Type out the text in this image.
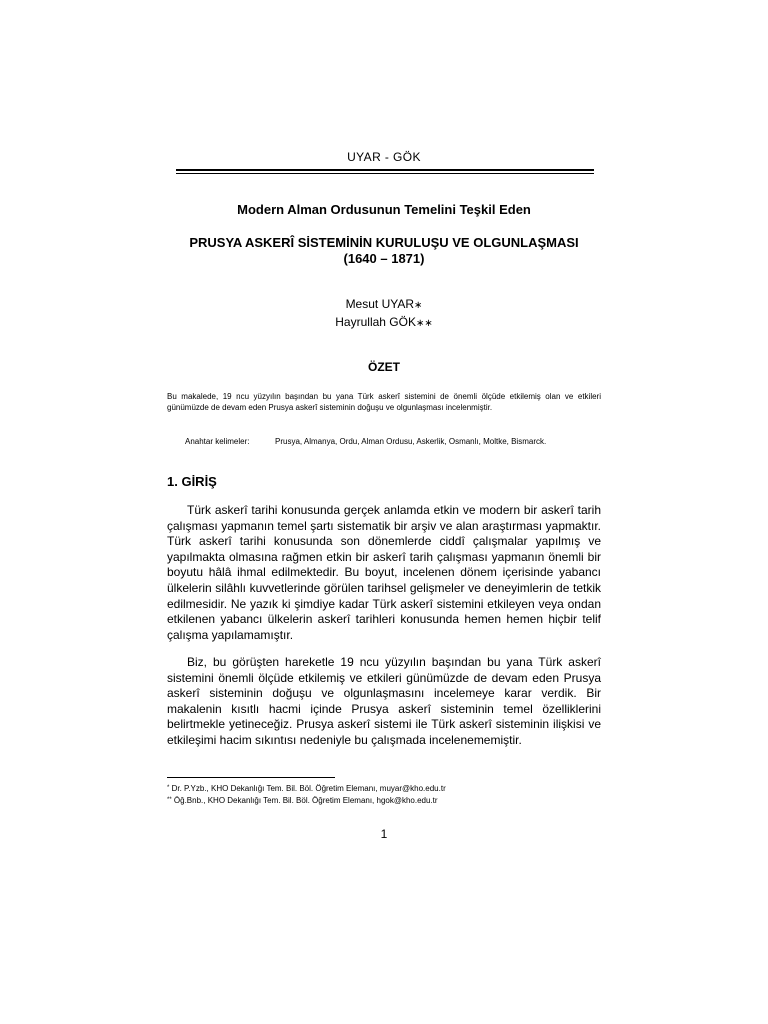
UYAR - GÖK
Modern Alman Ordusunun Temelini Teşkil Eden
PRUSYA ASKERÎ SİSTEMİNİN KURULUŞU VE OLGUNLAŞMASI
(1640 – 1871)
Mesut UYAR∗
Hayrullah GÖK∗∗
ÖZET
Bu makalede, 19 ncu yüzyılın başından bu yana Türk askerî sistemini de önemli ölçüde etkilemiş olan ve etkileri günümüzde de devam eden Prusya askerî sisteminin doğuşu ve olgunlaşması incelenmiştir.
Anahtar kelimeler:	Prusya, Almanya, Ordu, Alman Ordusu, Askerlik, Osmanlı, Moltke, Bismarck.
1. GİRİŞ
Türk askerî tarihi konusunda gerçek anlamda etkin ve modern bir askerî tarih çalışması yapmanın temel şartı sistematik bir arşiv ve alan araştırması yapmaktır. Türk askerî tarihi konusunda son dönemlerde ciddî çalışmalar yapılmış ve yapılmakta olmasına rağmen etkin bir askerî tarih çalışması yapmanın önemli bir boyutu hâlâ ihmal edilmektedir. Bu boyut, incelenen dönem içerisinde yabancı ülkelerin silâhlı kuvvetlerinde görülen tarihsel gelişmeler ve deneyimlerin de tetkik edilmesidir. Ne yazık ki şimdiye kadar Türk askerî sistemini etkileyen veya ondan etkilenen yabancı ülkelerin askerî tarihleri konusunda hemen hemen hiçbir telif çalışma yapılamamıştır.
Biz, bu görüşten hareketle 19 ncu yüzyılın başından bu yana Türk askerî sistemini önemli ölçüde etkilemiş ve etkileri günümüzde de devam eden Prusya askerî sisteminin doğuşu ve olgunlaşmasını incelemeye karar verdik. Bir makalenin kısıtlı hacmi içinde Prusya askerî sisteminin temel özelliklerini belirtmekle yetineceğiz. Prusya askerî sistemi ile Türk askerî sisteminin ilişkisi ve etkileşimi hacim sıkıntısı nedeniyle bu çalışmada incelenememiştir.
* Dr. P.Yzb., KHO Dekanlığı Tem. Bil. Böl. Öğretim Elemanı, muyar@kho.edu.tr
** Öğ.Bnb., KHO Dekanlığı Tem. Bil. Böl. Öğretim Elemanı, hgok@kho.edu.tr
1
